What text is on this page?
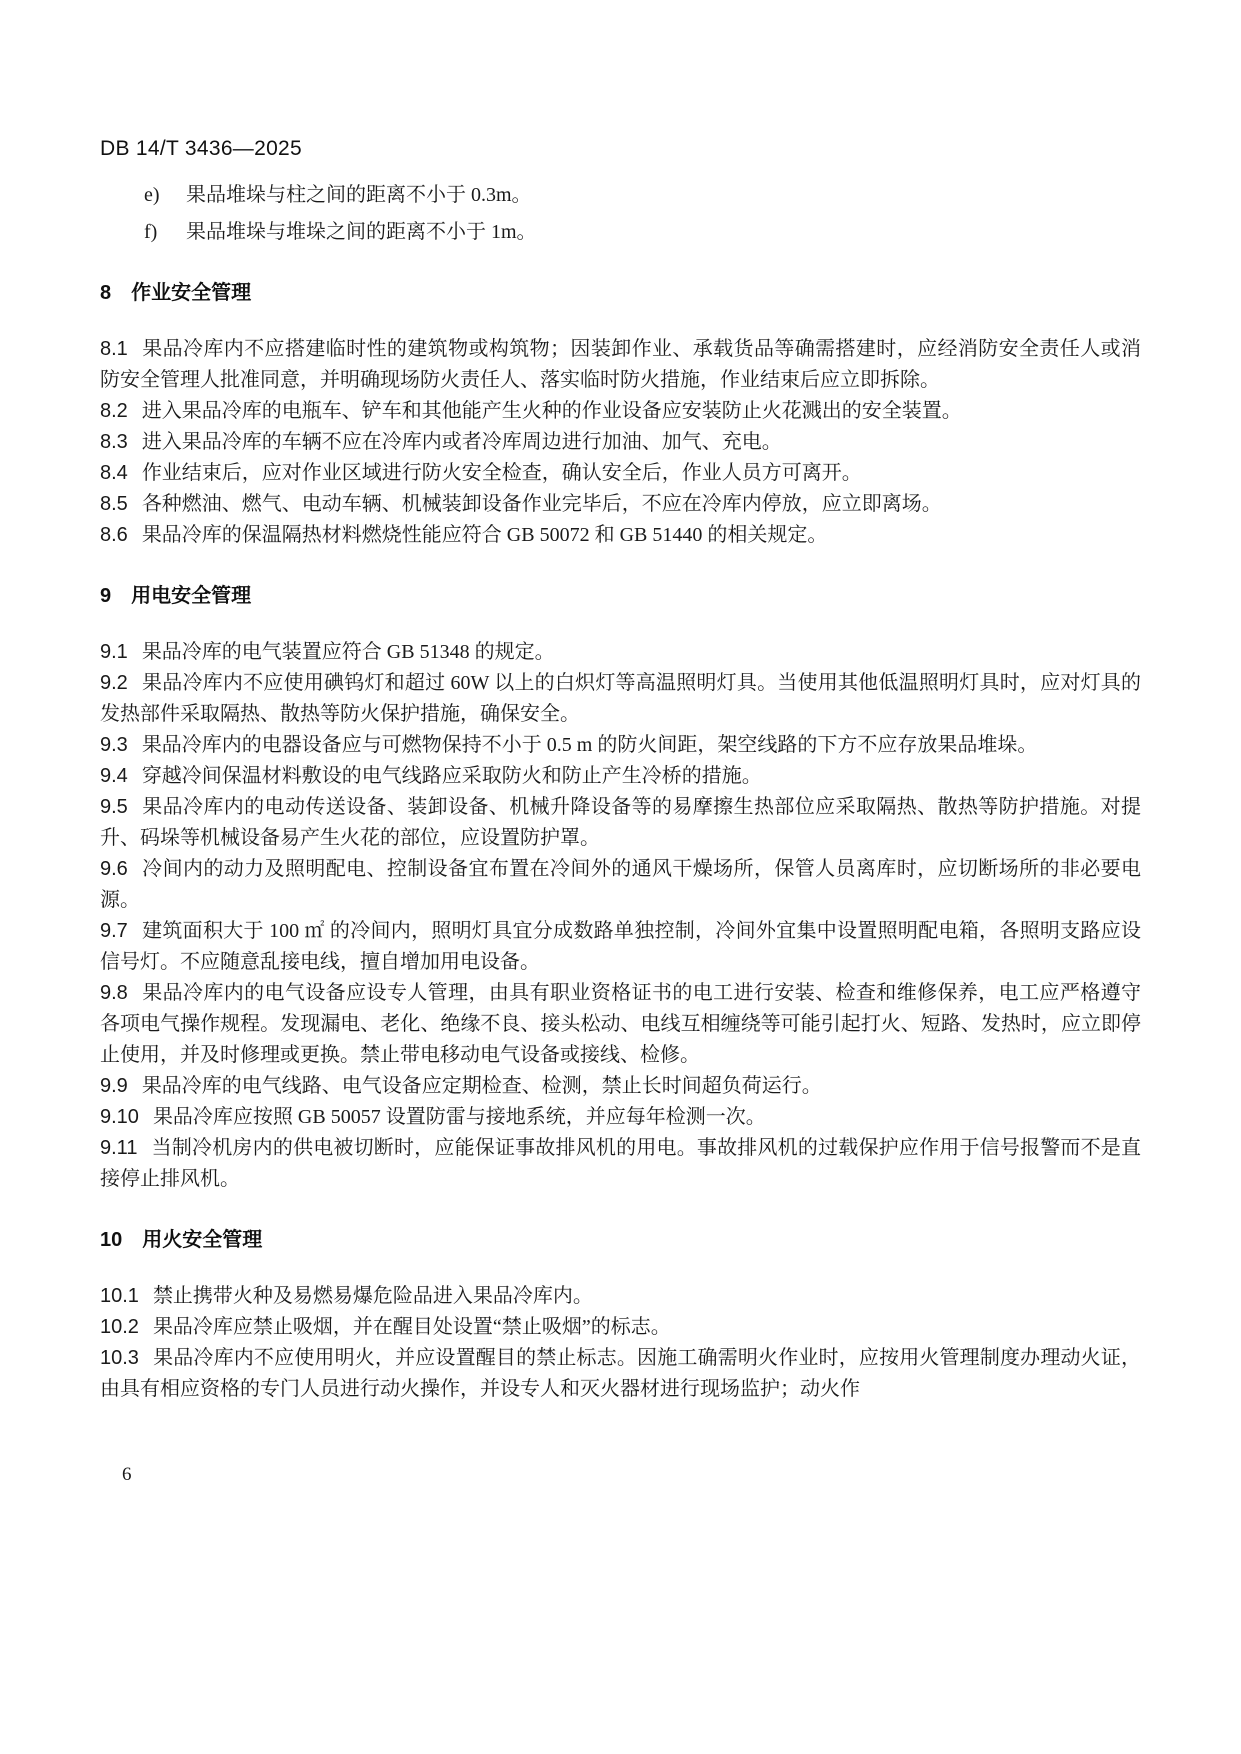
DB 14/T 3436—2025

e) 果品堆垛与柱之间的距离不小于 0.3m。

f) 果品堆垛与堆垛之间的距离不小于 1m。

8 作业安全管理

8.1 果品冷库内不应搭建临时性的建筑物或构筑物；因装卸作业、承载货品等确需搭建时，应经消防安全责任人或消防安全管理人批准同意，并明确现场防火责任人、落实临时防火措施，作业结束后应立即拆除。

8.2 进入果品冷库的电瓶车、铲车和其他能产生火种的作业设备应安装防止火花溅出的安全装置。

8.3 进入果品冷库的车辆不应在冷库内或者冷库周边进行加油、加气、充电。

8.4 作业结束后，应对作业区域进行防火安全检查，确认安全后，作业人员方可离开。

8.5 各种燃油、燃气、电动车辆、机械装卸设备作业完毕后，不应在冷库内停放，应立即离场。

8.6 果品冷库的保温隔热材料燃烧性能应符合 GB 50072 和 GB 51440 的相关规定。

9 用电安全管理

9.1 果品冷库的电气装置应符合 GB 51348 的规定。

9.2 果品冷库内不应使用碘钨灯和超过 60W 以上的白炽灯等高温照明灯具。当使用其他低温照明灯具时，应对灯具的发热部件采取隔热、散热等防火保护措施，确保安全。

9.3 果品冷库内的电器设备应与可燃物保持不小于 0.5 m 的防火间距，架空线路的下方不应存放果品堆垛。

9.4 穿越冷间保温材料敷设的电气线路应采取防火和防止产生冷桥的措施。

9.5 果品冷库内的电动传送设备、装卸设备、机械升降设备等的易摩擦生热部位应采取隔热、散热等防护措施。对提升、码垛等机械设备易产生火花的部位，应设置防护罩。

9.6 冷间内的动力及照明配电、控制设备宜布置在冷间外的通风干燥场所，保管人员离库时，应切断场所的非必要电源。

9.7 建筑面积大于 100 ㎡ 的冷间内，照明灯具宜分成数路单独控制，冷间外宜集中设置照明配电箱，各照明支路应设信号灯。不应随意乱接电线，擅自增加用电设备。

9.8 果品冷库内的电气设备应设专人管理，由具有职业资格证书的电工进行安装、检查和维修保养，电工应严格遵守各项电气操作规程。发现漏电、老化、绝缘不良、接头松动、电线互相缠绕等可能引起打火、短路、发热时，应立即停止使用，并及时修理或更换。禁止带电移动电气设备或接线、检修。

9.9 果品冷库的电气线路、电气设备应定期检查、检测，禁止长时间超负荷运行。

9.10 果品冷库应按照 GB 50057 设置防雷与接地系统，并应每年检测一次。

9.11 当制冷机房内的供电被切断时，应能保证事故排风机的用电。事故排风机的过载保护应作用于信号报警而不是直接停止排风机。

10 用火安全管理

10.1 禁止携带火种及易燃易爆危险品进入果品冷库内。

10.2 果品冷库应禁止吸烟，并在醒目处设置“禁止吸烟”的标志。

10.3 果品冷库内不应使用明火，并应设置醒目的禁止标志。因施工确需明火作业时，应按用火管理制度办理动火证，由具有相应资格的专门人员进行动火操作，并设专人和灭火器材进行现场监护；动火作

6
